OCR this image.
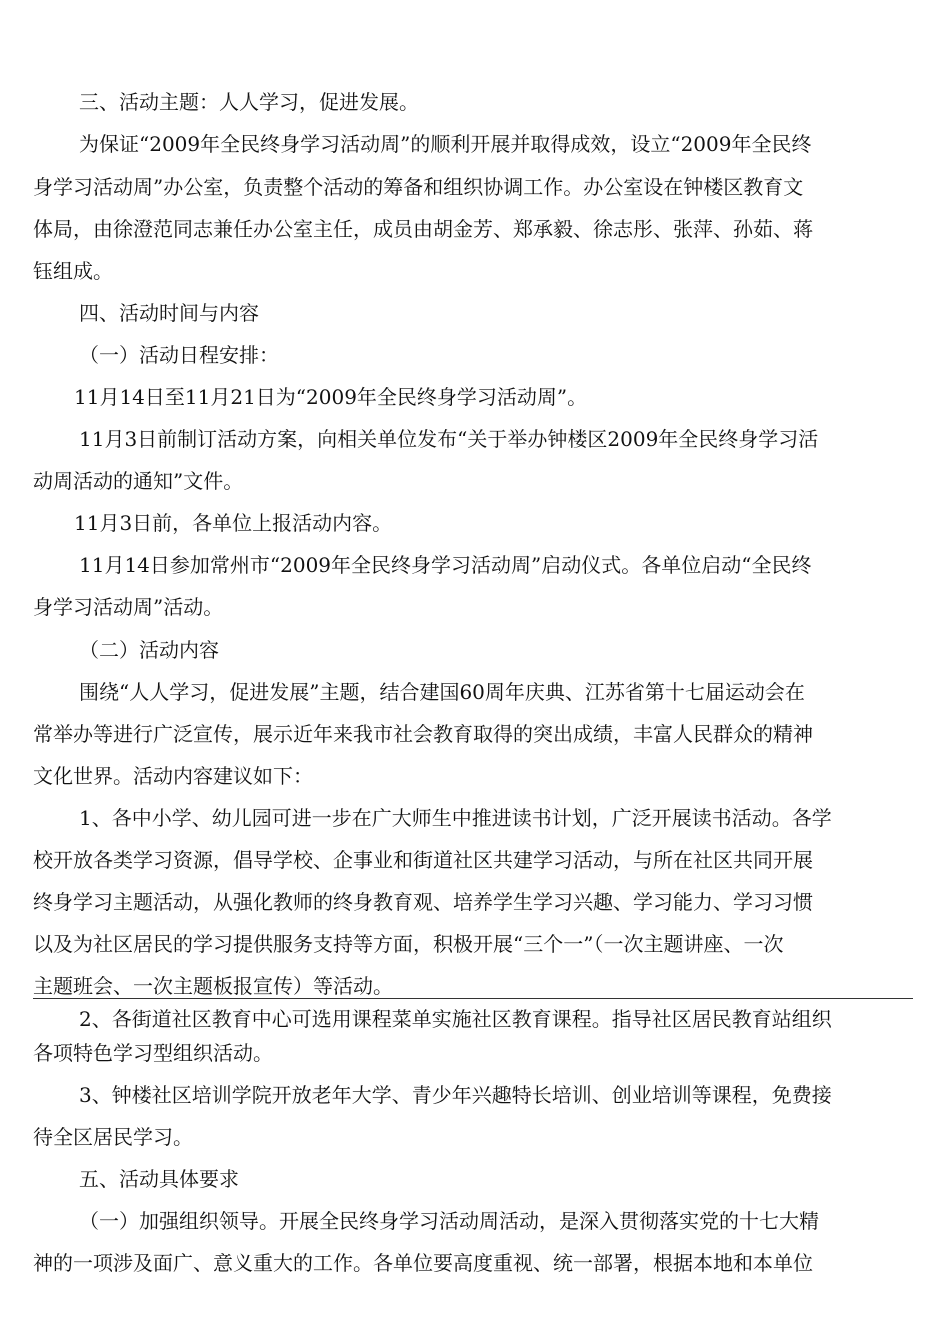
三、活动主题：人人学习，促进发展。
为保证“2009年全民终身学习活动周”的顺利开展并取得成效，设立“2009年全民终
身学习活动周”办公室，负责整个活动的筹备和组织协调工作。办公室设在钟楼区教育文
体局，由徐澄范同志兼任办公室主任，成员由胡金芳、郑承毅、徐志彤、张萍、孙茹、蒋
钰组成。
四、活动时间与内容
（一）活动日程安排：
11月14日至11月21日为“2009年全民终身学习活动周”。
11月3日前制订活动方案，向相关单位发布“关于举办钟楼区2009年全民终身学习活
动周活动的通知”文件。
11月3日前，各单位上报活动内容。
11月14日参加常州市“2009年全民终身学习活动周”启动仪式。各单位启动“全民终
身学习活动周”活动。
（二）活动内容
围绕“人人学习，促进发展”主题，结合建国60周年庆典、江苏省第十七届运动会在
常举办等进行广泛宣传，展示近年来我市社会教育取得的突出成绩，丰富人民群众的精神
文化世界。活动内容建议如下：
1、各中小学、幼儿园可进一步在广大师生中推进读书计划，广泛开展读书活动。各学
校开放各类学习资源，倡导学校、企事业和街道社区共建学习活动，与所在社区共同开展
终身学习主题活动，从强化教师的终身教育观、培养学生学习兴趣、学习能力、学习习惯
以及为社区居民的学习提供服务支持等方面，积极开展“三个一”（一次主题讲座、一次
主题班会、一次主题板报宣传）等活动。
2、各街道社区教育中心可选用课程菜单实施社区教育课程。指导社区居民教育站组织
各项特色学习型组织活动。
3、钟楼社区培训学院开放老年大学、青少年兴趣特长培训、创业培训等课程，免费接
待全区居民学习。
五、活动具体要求
（一）加强组织领导。开展全民终身学习活动周活动，是深入贯彻落实党的十七大精
神的一项涉及面广、意义重大的工作。各单位要高度重视、统一部署，根据本地和本单位
